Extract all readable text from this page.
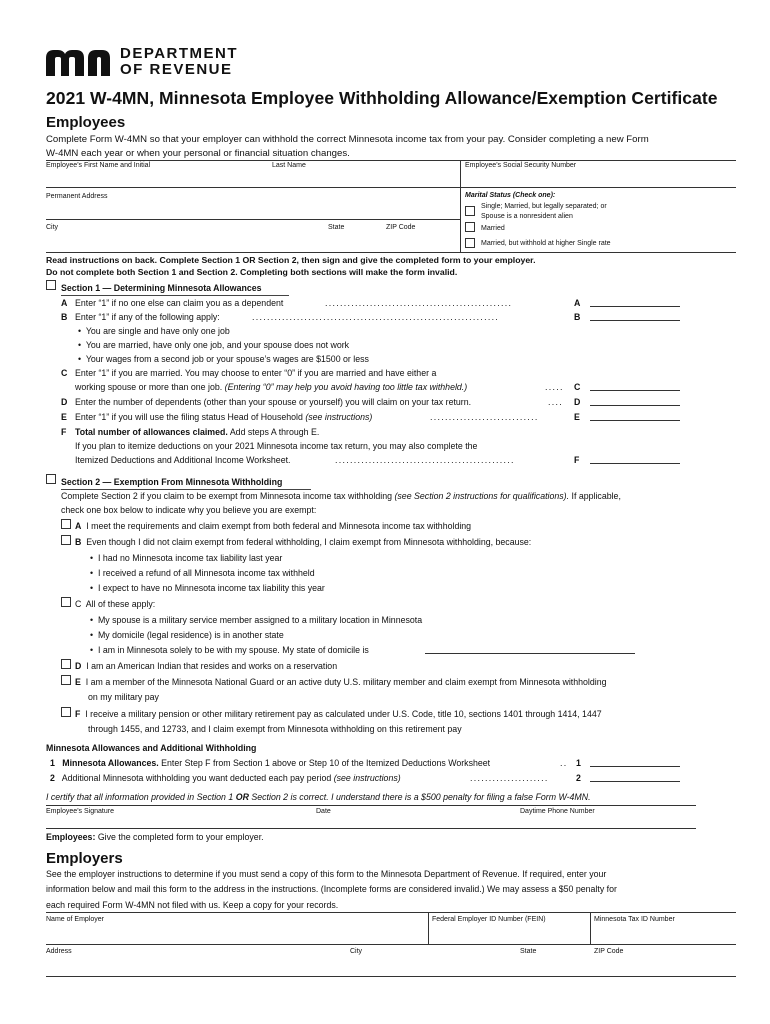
DEPARTMENT
OF REVENUE
2021 W-4MN, Minnesota Employee Withholding Allowance/Exemption Certificate
Employees
Complete Form W-4MN so that your employer can withhold the correct Minnesota income tax from your pay. Consider completing a new Form
W-4MN each year or when your personal or financial situation changes.
Employee’s First Name and Initial	Last Name	Employee’s Social Security Number
Permanent Address
City	State	ZIP Code
Marital Status (Check one):
Single; Married, but legally separated; or
Spouse is a nonresident alien
Married
Married, but withhold at higher Single rate
Read instructions on back. Complete Section 1 OR Section 2, then sign and give the completed form to your employer.
Do not complete both Section 1 and Section 2. Completing both sections will make the form invalid.
Section 1 — Determining Minnesota Allowances
A Enter “1” if no one else can claim you as a dependent	..................................................	A
B Enter “1” if any of the following apply:	..................................................................	B
•  You are single and have only one job
•  You are married, have only one job, and your spouse does not work
•  Your wages from a second job or your spouse’s wages are $1500 or less
C Enter “1” if you are married. You may choose to enter “0” if you are married and have either a
working spouse or more than one job. (Entering “0” may help you avoid having too little tax withheld.)	.....	C
D Enter the number of dependents (other than your spouse or yourself) you will claim on your tax return.	....	D
E Enter “1” if you will use the filing status Head of Household (see instructions)	.............................	E
F Total number of allowances claimed. Add steps A through E.
If you plan to itemize deductions on your 2021 Minnesota income tax return, you may also complete the
Itemized Deductions and Additional Income Worksheet.	................................................	F
Section 2 — Exemption From Minnesota Withholding
Complete Section 2 if you claim to be exempt from Minnesota income tax withholding (see Section 2 instructions for qualifications). If applicable,
check one box below to indicate why you believe you are exempt:
A I meet the requirements and claim exempt from both federal and Minnesota income tax withholding
B Even though I did not claim exempt from federal withholding, I claim exempt from Minnesota withholding, because:
•  I had no Minnesota income tax liability last year
•  I received a refund of all Minnesota income tax withheld
•  I expect to have no Minnesota income tax liability this year
C All of these apply:
•  My spouse is a military service member assigned to a military location in Minnesota
•  My domicile (legal residence) is in another state
•  I am in Minnesota solely to be with my spouse. My state of domicile is
D I am an American Indian that resides and works on a reservation
E I am a member of the Minnesota National Guard or an active duty U.S. military member and claim exempt from Minnesota withholding
on my military pay
F I receive a military pension or other military retirement pay as calculated under U.S. Code, title 10, sections 1401 through 1414, 1447
through 1455, and 12733, and I claim exempt from Minnesota withholding on this retirement pay
Minnesota Allowances and Additional Withholding
1 Minnesota Allowances. Enter Step F from Section 1 above or Step 10 of the Itemized Deductions Worksheet	.. 1
2 Additional Minnesota withholding you want deducted each pay period (see instructions)	.....................	2
I certify that all information provided in Section 1 OR Section 2 is correct. I understand there is a $500 penalty for filing a false Form W-4MN.
Employee’s Signature	Date	Daytime Phone Number
Employees: Give the completed form to your employer.
Employers
See the employer instructions to determine if you must send a copy of this form to the Minnesota Department of Revenue. If required, enter your
information below and mail this form to the address in the instructions. (Incomplete forms are considered invalid.) We may assess a $50 penalty for
each required Form W-4MN not filed with us. Keep a copy for your records.
Name of Employer	Federal Employer ID Number (FEIN)	Minnesota Tax ID Number
Address	City	State	ZIP Code
